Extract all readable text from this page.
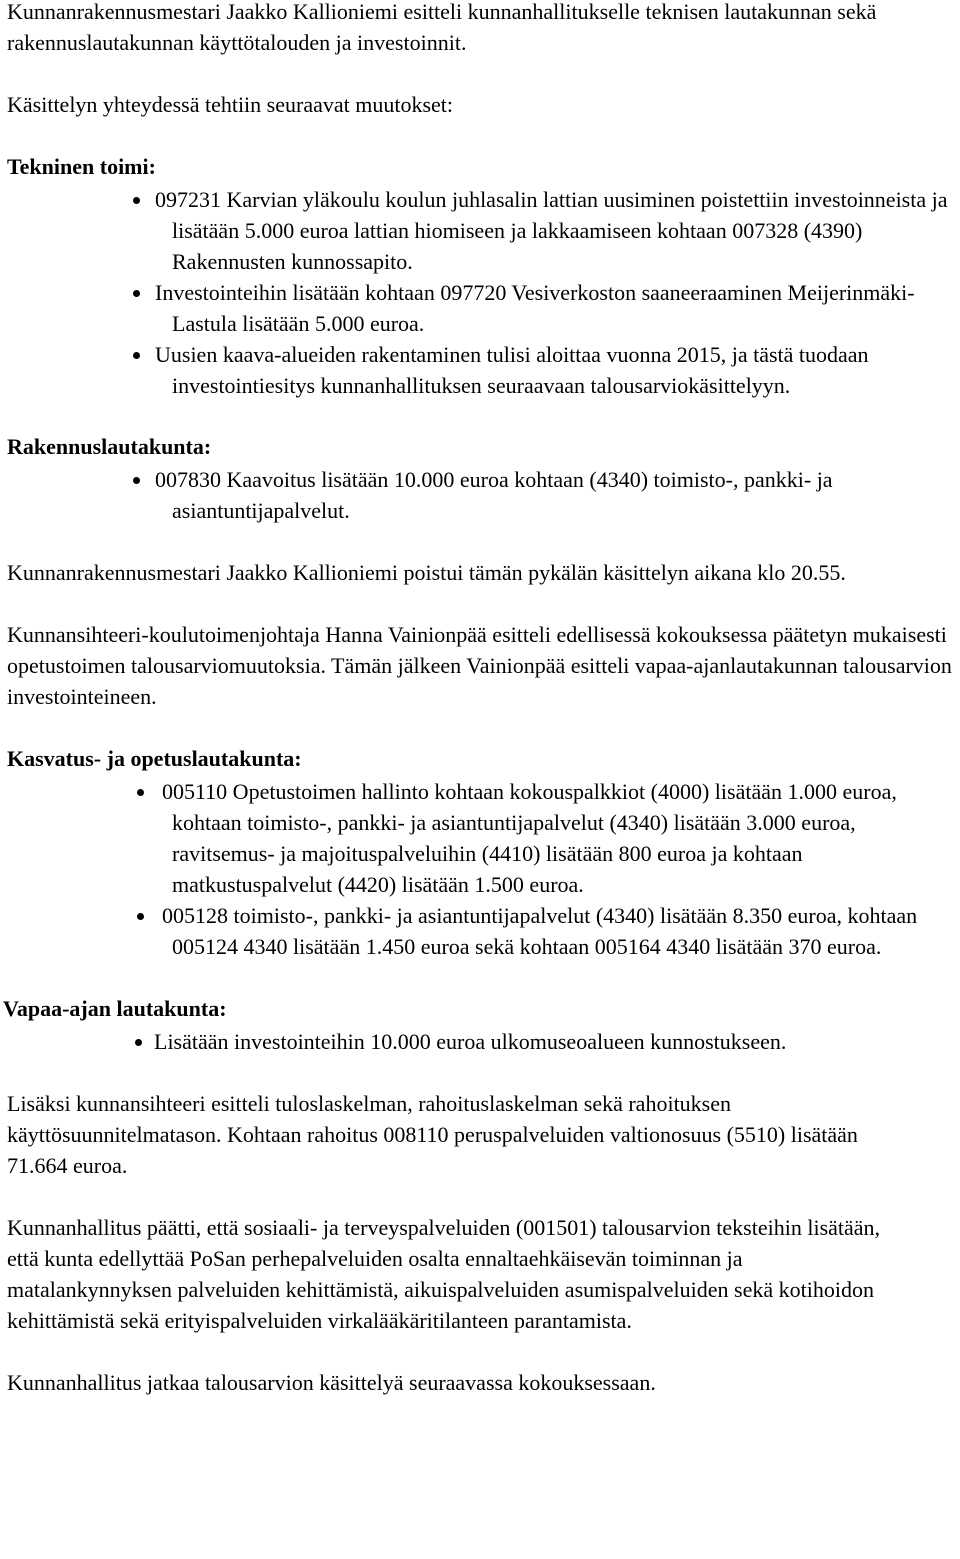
Kunnanrakennusmestari Jaakko Kallioniemi esitteli kunnanhallitukselle teknisen lautakunnan sekä rakennuslautakunnan käyttötalouden ja investoinnit.

Käsittelyn yhteydessä tehtiin seuraavat muutokset:

Tekninen toimi:

097231 Karvian yläkoulu koulun juhlasalin lattian uusiminen poistettiin investoinneista ja lisätään 5.000 euroa lattian hiomiseen ja lakkaamiseen kohtaan 007328 (4390) Rakennusten kunnossapito.
Investointeihin lisätään kohtaan 097720 Vesiverkoston saaneeraaminen Meijerinmäki-Lastula lisätään 5.000 euroa.
Uusien kaava-alueiden rakentaminen tulisi aloittaa vuonna 2015, ja tästä tuodaan investointiesitys kunnanhallituksen seuraavaan talousarviokäsittelyyn.

Rakennuslautakunta:

007830 Kaavoitus lisätään 10.000 euroa kohtaan (4340) toimisto-, pankki- ja asiantuntijapalvelut.

Kunnanrakennusmestari Jaakko Kallioniemi poistui tämän pykälän käsittelyn aikana klo 20.55.

Kunnansihteeri-koulutoimenjohtaja Hanna Vainionpää esitteli edellisessä kokouksessa päätetyn mukaisesti opetustoimen talousarviomuutoksia. Tämän jälkeen Vainionpää esitteli vapaa-ajanlautakunnan talousarvion investointeineen.

Kasvatus- ja opetuslautakunta:

005110 Opetustoimen hallinto kohtaan kokouspalkkiot (4000) lisätään 1.000 euroa, kohtaan toimisto-, pankki- ja asiantuntijapalvelut (4340) lisätään 3.000 euroa, ravitsemus- ja majoituspalveluihin (4410) lisätään 800 euroa ja kohtaan matkustuspalvelut (4420) lisätään 1.500 euroa.
005128 toimisto-, pankki- ja asiantuntijapalvelut (4340) lisätään 8.350 euroa, kohtaan 005124 4340 lisätään 1.450 euroa sekä kohtaan 005164 4340 lisätään 370 euroa.

Vapaa-ajan lautakunta:

Lisätään investointeihin 10.000 euroa ulkomuseoalueen kunnostukseen.

Lisäksi kunnansihteeri esitteli tuloslaskelman, rahoituslaskelman sekä rahoituksen käyttösuunnitelmatason. Kohtaan rahoitus 008110 peruspalveluiden valtionosuus (5510) lisätään 71.664 euroa.

Kunnanhallitus päätti, että sosiaali- ja terveyspalveluiden (001501) talousarvion teksteihin lisätään, että kunta edellyttää PoSan perhepalveluiden osalta ennaltaehkäisevän toiminnan ja matalankynnyksen palveluiden kehittämistä, aikuispalveluiden asumispalveluiden sekä kotihoidon kehittämistä sekä erityispalveluiden virkalääkäritilanteen parantamista.

Kunnanhallitus jatkaa talousarvion käsittelyä seuraavassa kokouksessaan.
